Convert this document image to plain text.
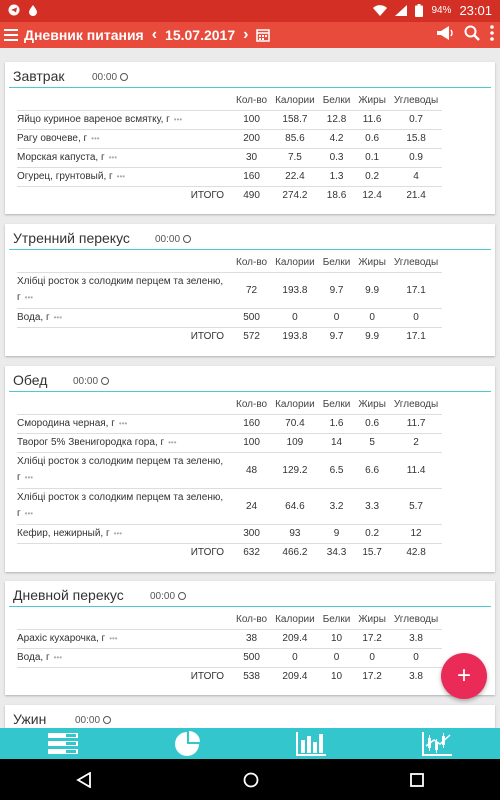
94% 23:01
Дневник питания ‹ 15.07.2017 ›
Завтрак	00:00
	Кол-во	Калории	Белки	Жиры	Углеводы
Яйцо куриное вареное всмятку, г •••	100	158.7	12.8	11.6	0.7
Рагу овочеве, г •••	200	85.6	4.2	0.6	15.8
Морская капуста, г •••	30	7.5	0.3	0.1	0.9
Огурец, грунтовый, г •••	160	22.4	1.3	0.2	4
ИТОГО	490	274.2	18.6	12.4	21.4
Утренний перекус	00:00
	Кол-во	Калории	Белки	Жиры	Углеводы
Хлібці росток з солодким перцем та зеленю, г •••	72	193.8	9.7	9.9	17.1
Вода, г •••	500	0	0	0	0
ИТОГО	572	193.8	9.7	9.9	17.1
Обед	00:00
	Кол-во	Калории	Белки	Жиры	Углеводы
Смородина черная, г •••	160	70.4	1.6	0.6	11.7
Творог 5% Звенигородка гора, г •••	100	109	14	5	2
Хлібці росток з солодким перцем та зеленю, г •••	48	129.2	6.5	6.6	11.4
Хлібці росток з солодким перцем та зеленю, г •••	24	64.6	3.2	3.3	5.7
Кефир, нежирный, г •••	300	93	9	0.2	12
ИТОГО	632	466.2	34.3	15.7	42.8
Дневной перекус	00:00
	Кол-во	Калории	Белки	Жиры	Углеводы
Арахіс кухарочка, г •••	38	209.4	10	17.2	3.8
Вода, г •••	500	0	0	0	0
ИТОГО	538	209.4	10	17.2	3.8
Ужин	00:00
+
